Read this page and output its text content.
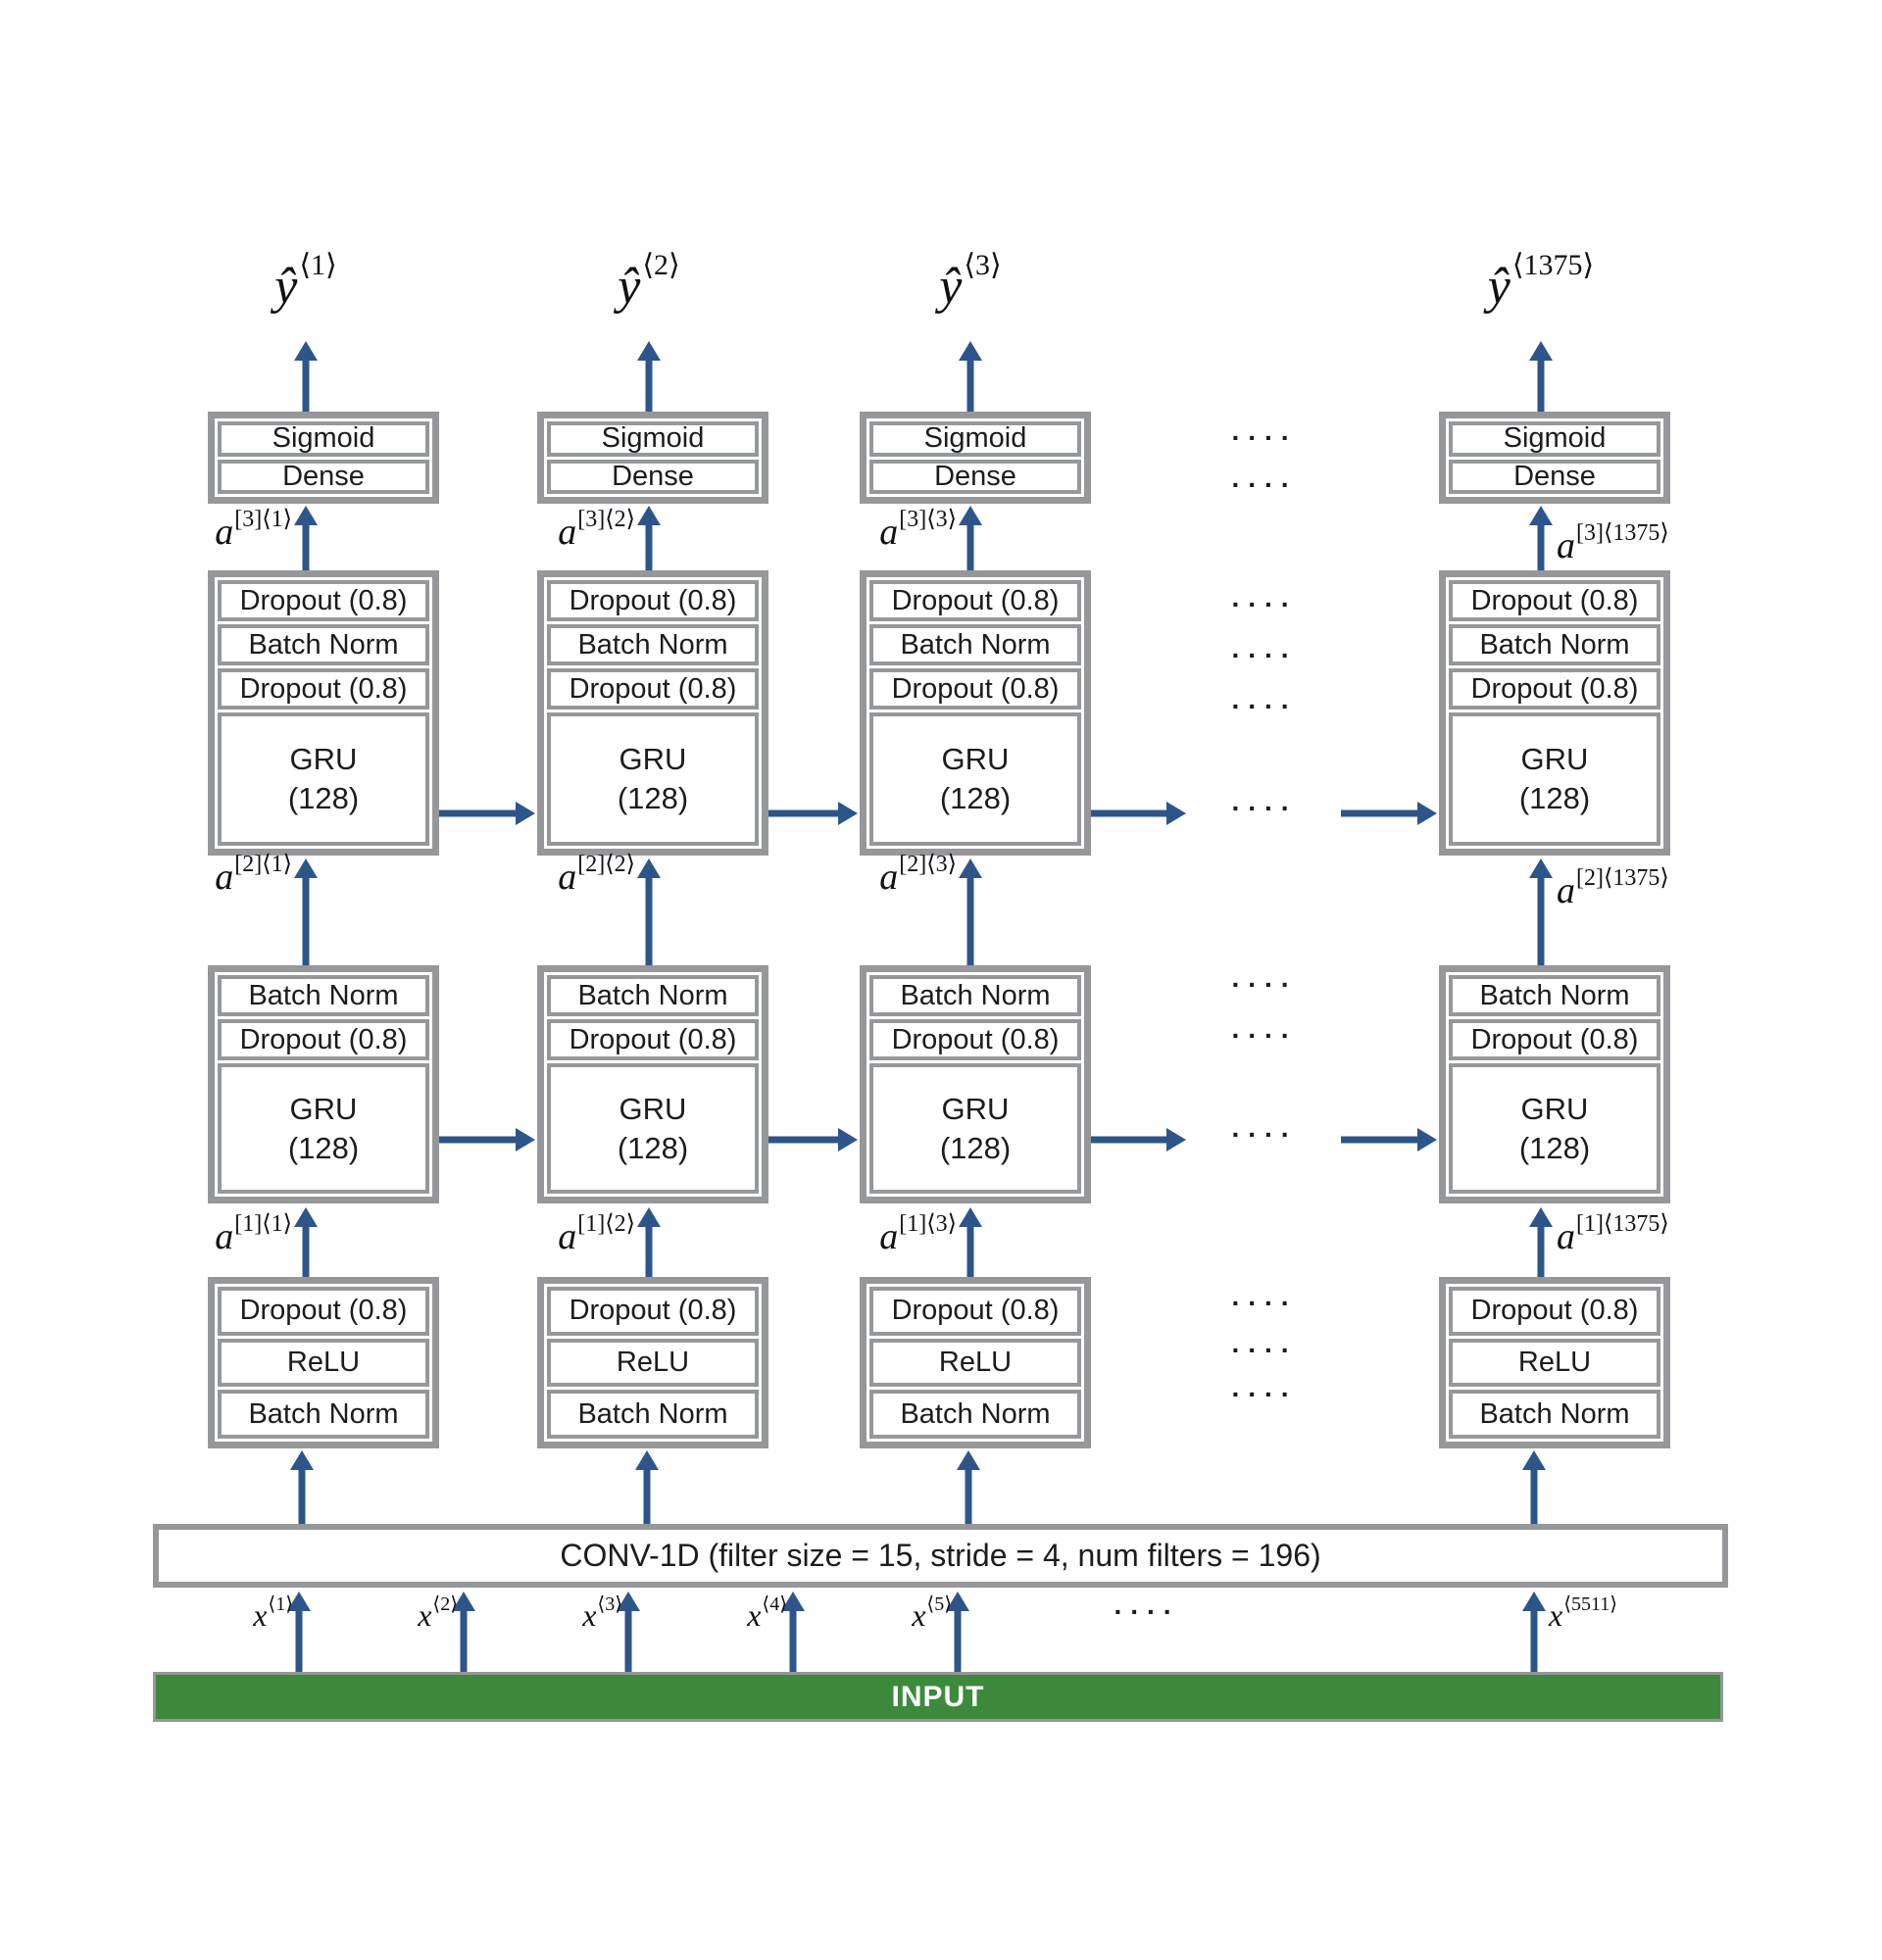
ŷ ⟨1⟩
Sigmoid
Dense
a [3]⟨1⟩
Dropout (0.8)
Batch Norm
Dropout (0.8)
GRU
(128)
a [2]⟨1⟩
Batch Norm
Dropout (0.8)
GRU
(128)
a [1]⟨1⟩
Dropout (0.8)
ReLU
Batch Norm
ŷ ⟨2⟩
Sigmoid
Dense
a [3]⟨2⟩
Dropout (0.8)
Batch Norm
Dropout (0.8)
GRU
(128)
a [2]⟨2⟩
Batch Norm
Dropout (0.8)
GRU
(128)
a [1]⟨2⟩
Dropout (0.8)
ReLU
Batch Norm
ŷ ⟨3⟩
Sigmoid
Dense
a [3]⟨3⟩
Dropout (0.8)
Batch Norm
Dropout (0.8)
GRU
(128)
a [2]⟨3⟩
Batch Norm
Dropout (0.8)
GRU
(128)
a [1]⟨3⟩
Dropout (0.8)
ReLU
Batch Norm
ŷ ⟨1375⟩
Sigmoid
Dense
a [3]⟨1375⟩
Dropout (0.8)
Batch Norm
Dropout (0.8)
GRU
(128)
a [2]⟨1375⟩
Batch Norm
Dropout (0.8)
GRU
(128)
a [1]⟨1375⟩
Dropout (0.8)
ReLU
Batch Norm
....
....
....
....
....
....
....
....
....
....
....
....
....
CONV-1D (filter size = 15, stride = 4, num filters = 196)
x ⟨1⟩	x ⟨2⟩	x ⟨3⟩	x ⟨4⟩	x ⟨5⟩	x ⟨5511⟩
INPUT
